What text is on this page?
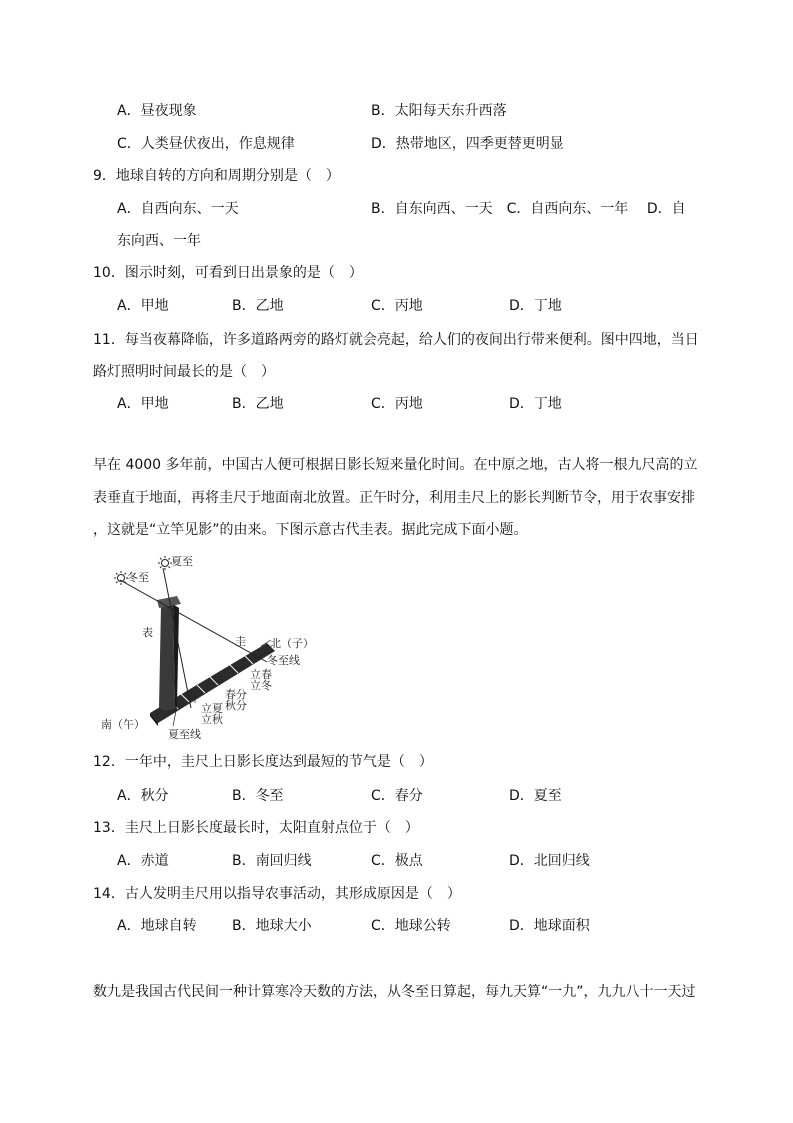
A．昼夜现象	B．太阳每天东升西落
C．人类昼伏夜出，作息规律	D．热带地区，四季更替更明显
9．地球自转的方向和周期分别是（　）
A．自西向东、一天	B．自东向西、一天　C．自西向东、一年　 D．自
东向西、一年
10．图示时刻，可看到日出景象的是（　）
A．甲地	B．乙地	C．丙地	D．丁地
11．每当夜幕降临，许多道路两旁的路灯就会亮起，给人们的夜间出行带来便利。图中四地，当日
路灯照明时间最长的是（　）
A．甲地	B．乙地	C．丙地	D．丁地
早在 4000 多年前，中国古人便可根据日影长短来量化时间。在中原之地，古人将一根九尺高的立
表垂直于地面，再将圭尺于地面南北放置。正午时分，利用圭尺上的影长判断节令，用于农事安排
，这就是“立竿见影”的由来。下图示意古代圭表。据此完成下面小题。
夏至
冬至
表
圭 北（子）
冬至线
立春
立冬
春分
秋分
立夏
立秋
南（午）
夏至线
12．一年中，圭尺上日影长度达到最短的节气是（　）
A．秋分	B．冬至	C．春分	D．夏至
13．圭尺上日影长度最长时，太阳直射点位于（　）
A．赤道	B．南回归线	C．极点	D．北回归线
14．古人发明圭尺用以指导农事活动，其形成原因是（　）
A．地球自转	B．地球大小	C．地球公转	D．地球面积
数九是我国古代民间一种计算寒冷天数的方法，从冬至日算起，每九天算“一九”，九九八十一天过
